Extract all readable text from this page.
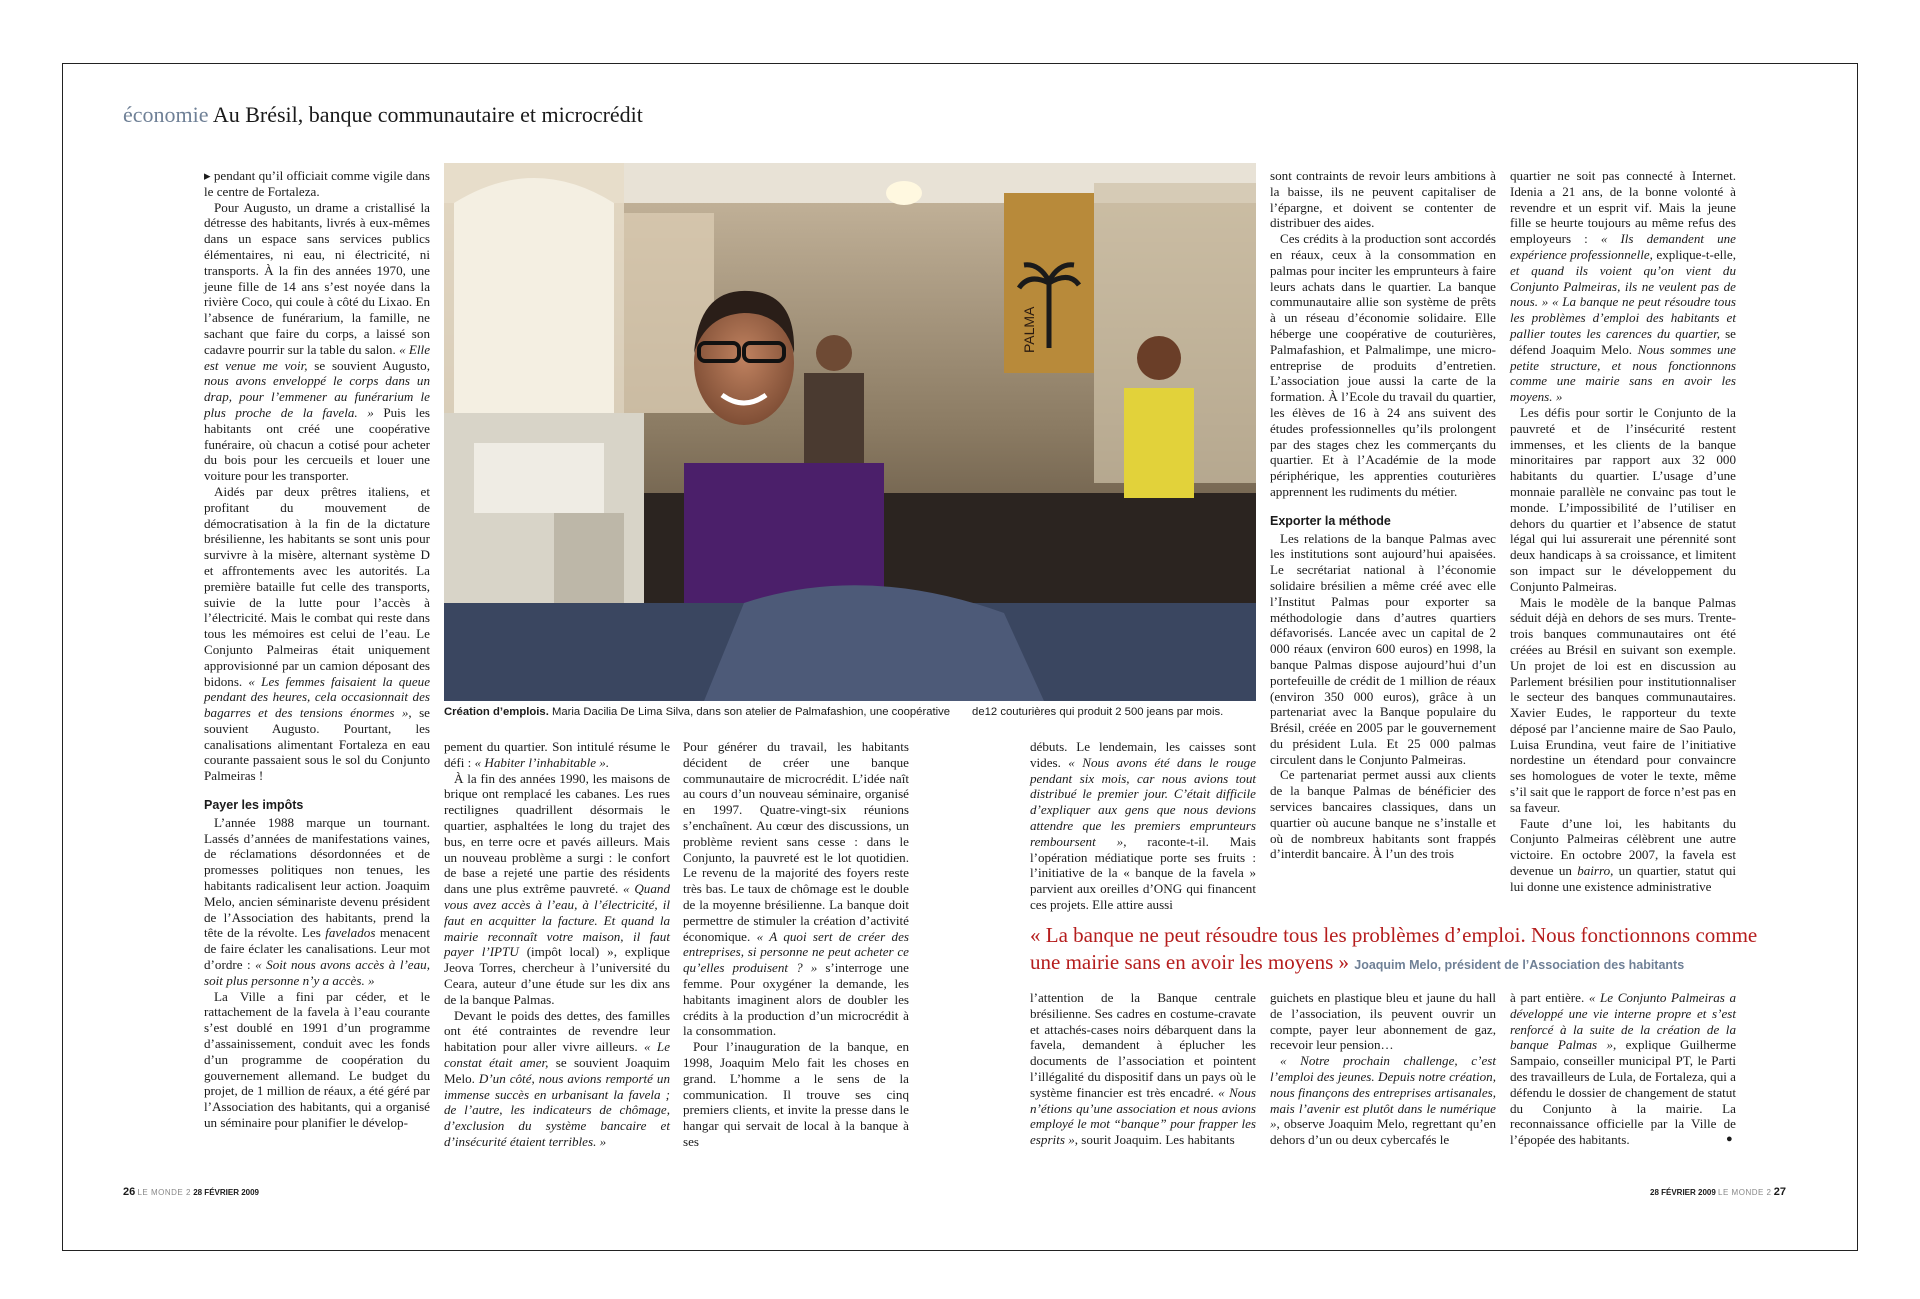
économie Au Brésil, banque communautaire et microcrédit

▸ pendant qu’il officiait comme vigile dans le centre de Fortaleza.

Pour Augusto, un drame a cristallisé la détresse des habitants, livrés à eux-mêmes dans un espace sans services publics élémentaires, ni eau, ni électricité, ni transports. À la fin des années 1970, une jeune fille de 14 ans s’est noyée dans la rivière Coco, qui coule à côté du Lixao. En l’absence de funérarium, la famille, ne sachant que faire du corps, a laissé son cadavre pourrir sur la table du salon. « Elle est venue me voir, se souvient Augusto, nous avons enveloppé le corps dans un drap, pour l’emmener au funérarium le plus proche de la favela. » Puis les habitants ont créé une coopérative funéraire, où chacun a cotisé pour acheter du bois pour les cercueils et louer une voiture pour les transporter.

Aidés par deux prêtres italiens, et profitant du mouvement de démocratisation à la fin de la dictature brésilienne, les habitants se sont unis pour survivre à la misère, alternant système D et affrontements avec les autorités. La première bataille fut celle des transports, suivie de la lutte pour l’accès à l’électricité. Mais le combat qui reste dans tous les mémoires est celui de l’eau. Le Conjunto Palmeiras était uniquement approvisionné par un camion déposant des bidons. « Les femmes faisaient la queue pendant des heures, cela occasionnait des bagarres et des tensions énormes », se souvient Augusto. Pourtant, les canalisations alimentant Fortaleza en eau courante passaient sous le sol du Conjunto Palmeiras !

Payer les impôts

L’année 1988 marque un tournant. Lassés d’années de manifestations vaines, de réclamations désordonnées et de promesses politiques non tenues, les habitants radicalisent leur action. Joaquim Melo, ancien séminariste devenu président de l’Association des habitants, prend la tête de la révolte. Les favelados menacent de faire éclater les canalisations. Leur mot d’ordre : « Soit nous avons accès à l’eau, soit plus personne n’y a accès. »

La Ville a fini par céder, et le rattachement de la favela à l’eau courante s’est doublé en 1991 d’un programme d’assainissement, conduit avec les fonds d’un programme de coopération du gouvernement allemand. Le budget du projet, de 1 million de réaux, a été géré par l’Association des habitants, qui a organisé un séminaire pour planifier le dévelop-

PALMA
Création d’emplois. Maria Dacilia De Lima Silva, dans son atelier de Palmafashion, une coopérative       de12 couturières qui produit 2 500 jeans par mois.

pement du quartier. Son intitulé résume le défi : « Habiter l’inhabitable ».

À la fin des années 1990, les maisons de brique ont remplacé les cabanes. Les rues rectilignes quadrillent désormais le quartier, asphaltées le long du trajet des bus, en terre ocre et pavés ailleurs. Mais un nouveau problème a surgi : le confort de base a rejeté une partie des résidents dans une plus extrême pauvreté. « Quand vous avez accès à l’eau, à l’électricité, il faut en acquitter la facture. Et quand la mairie reconnaît votre maison, il faut payer l’IPTU (impôt local) », explique Jeova Torres, chercheur à l’université du Ceara, auteur d’une étude sur les dix ans de la banque Palmas.

Devant le poids des dettes, des familles ont été contraintes de revendre leur habitation pour aller vivre ailleurs. « Le constat était amer, se souvient Joaquim Melo. D’un côté, nous avions remporté un immense succès en urbanisant la favela ; de l’autre, les indicateurs de chômage, d’exclusion du système bancaire et d’insécurité étaient terribles. »

Pour générer du travail, les habitants décident de créer une banque communautaire de microcrédit. L’idée naît au cours d’un nouveau séminaire, organisé en 1997. Quatre-vingt-six réunions s’enchaînent. Au cœur des discussions, un problème revient sans cesse : dans le Conjunto, la pauvreté est le lot quotidien. Le revenu de la majorité des foyers reste très bas. Le taux de chômage est le double de la moyenne brésilienne. La banque doit permettre de stimuler la création d’activité économique. « A quoi sert de créer des entreprises, si personne ne peut acheter ce qu’elles produisent ? » s’interroge une femme. Pour oxygéner la demande, les habitants imaginent alors de doubler les crédits à la production d’un microcrédit à la consommation.

Pour l’inauguration de la banque, en 1998, Joaquim Melo fait les choses en grand. L’homme a le sens de la communication. Il trouve ses cinq premiers clients, et invite la presse dans le hangar qui servait de local à la banque à ses

débuts. Le lendemain, les caisses sont vides. « Nous avons été dans le rouge pendant six mois, car nous avions tout distribué le premier jour. C’était difficile d’expliquer aux gens que nous devions attendre que les premiers emprunteurs remboursent », raconte-t-il. Mais l’opération médiatique porte ses fruits : l’initiative de la « banque de la favela » parvient aux oreilles d’ONG qui financent ces projets. Elle attire aussi

sont contraints de revoir leurs ambitions à la baisse, ils ne peuvent capitaliser de l’épargne, et doivent se contenter de distribuer des aides.

Ces crédits à la production sont accordés en réaux, ceux à la consommation en palmas pour inciter les emprunteurs à faire leurs achats dans le quartier. La banque communautaire allie son système de prêts à un réseau d’économie solidaire. Elle héberge une coopérative de couturières, Palmafashion, et Palmalimpe, une micro-entreprise de produits d’entretien. L’association joue aussi la carte de la formation. À l’Ecole du travail du quartier, les élèves de 16 à 24 ans suivent des études professionnelles qu’ils prolongent par des stages chez les commerçants du quartier. Et à l’Académie de la mode périphérique, les apprenties couturières apprennent les rudiments du métier.

Exporter la méthode

Les relations de la banque Palmas avec les institutions sont aujourd’hui apaisées. Le secrétariat national à l’économie solidaire brésilien a même créé avec elle l’Institut Palmas pour exporter sa méthodologie dans d’autres quartiers défavorisés. Lancée avec un capital de 2 000 réaux (environ 600 euros) en 1998, la banque Palmas dispose aujourd’hui d’un portefeuille de crédit de 1 million de réaux (environ 350 000 euros), grâce à un partenariat avec la Banque populaire du Brésil, créée en 2005 par le gouvernement du président Lula. Et 25 000 palmas circulent dans le Conjunto Palmeiras.

Ce partenariat permet aussi aux clients de la banque Palmas de bénéficier des services bancaires classiques, dans un quartier où aucune banque ne s’installe et où de nombreux habitants sont frappés d’interdit bancaire. À l’un des trois

quartier ne soit pas connecté à Internet. Idenia a 21 ans, de la bonne volonté à revendre et un esprit vif. Mais la jeune fille se heurte toujours au même refus des employeurs : « Ils demandent une expérience professionnelle, explique-t-elle, et quand ils voient qu’on vient du Conjunto Palmeiras, ils ne veulent pas de nous. » « La banque ne peut résoudre tous les problèmes d’emploi des habitants et pallier toutes les carences du quartier, se défend Joaquim Melo. Nous sommes une petite structure, et nous fonctionnons comme une mairie sans en avoir les moyens. »

Les défis pour sortir le Conjunto de la pauvreté et de l’insécurité restent immenses, et les clients de la banque minoritaires par rapport aux 32 000 habitants du quartier. L’usage d’une monnaie parallèle ne convainc pas tout le monde. L’impossibilité de l’utiliser en dehors du quartier et l’absence de statut légal qui lui assurerait une pérennité sont deux handicaps à sa croissance, et limitent son impact sur le développement du Conjunto Palmeiras.

Mais le modèle de la banque Palmas séduit déjà en dehors de ses murs. Trente-trois banques communautaires ont été créées au Brésil en suivant son exemple. Un projet de loi est en discussion au Parlement brésilien pour institutionnaliser le secteur des banques communautaires. Xavier Eudes, le rapporteur du texte déposé par l’ancienne maire de Sao Paulo, Luisa Erundina, veut faire de l’initiative nordestine un étendard pour convaincre ses homologues de voter le texte, même s’il sait que le rapport de force n’est pas en sa faveur.

Faute d’une loi, les habitants du Conjunto Palmeiras célèbrent une autre victoire. En octobre 2007, la favela est devenue un bairro, un quartier, statut qui lui donne une existence administrative

« La banque ne peut résoudre tous les problèmes d’emploi. Nous fonctionnons comme une mairie sans en avoir les moyens » Joaquim Melo, président de l’Association des habitants

l’attention de la Banque centrale brésilienne. Ses cadres en costume-cravate et attachés-cases noirs débarquent dans la favela, demandent à éplucher les documents de l’association et pointent l’illégalité du dispositif dans un pays où le système financier est très encadré. « Nous n’étions qu’une association et nous avions employé le mot “banque” pour frapper les esprits », sourit Joaquim. Les habitants

guichets en plastique bleu et jaune du hall de l’association, ils peuvent ouvrir un compte, payer leur abonnement de gaz, recevoir leur pension…

« Notre prochain challenge, c’est l’emploi des jeunes. Depuis notre création, nous finançons des entreprises artisanales, mais l’avenir est plutôt dans le numérique », observe Joaquim Melo, regrettant qu’en dehors d’un ou deux cybercafés le

à part entière. « Le Conjunto Palmeiras a développé une vie interne propre et s’est renforcé à la suite de la création de la banque Palmas », explique Guilherme Sampaio, conseiller municipal PT, le Parti des travailleurs de Lula, de Fortaleza, qui a défendu le dossier de changement de statut du Conjunto à la mairie. La reconnaissance officielle par la Ville de l’épopée des habitants.	●
26 LE MONDE 2 28 FÉVRIER 2009	28 FÉVRIER 2009 LE MONDE 2 27
